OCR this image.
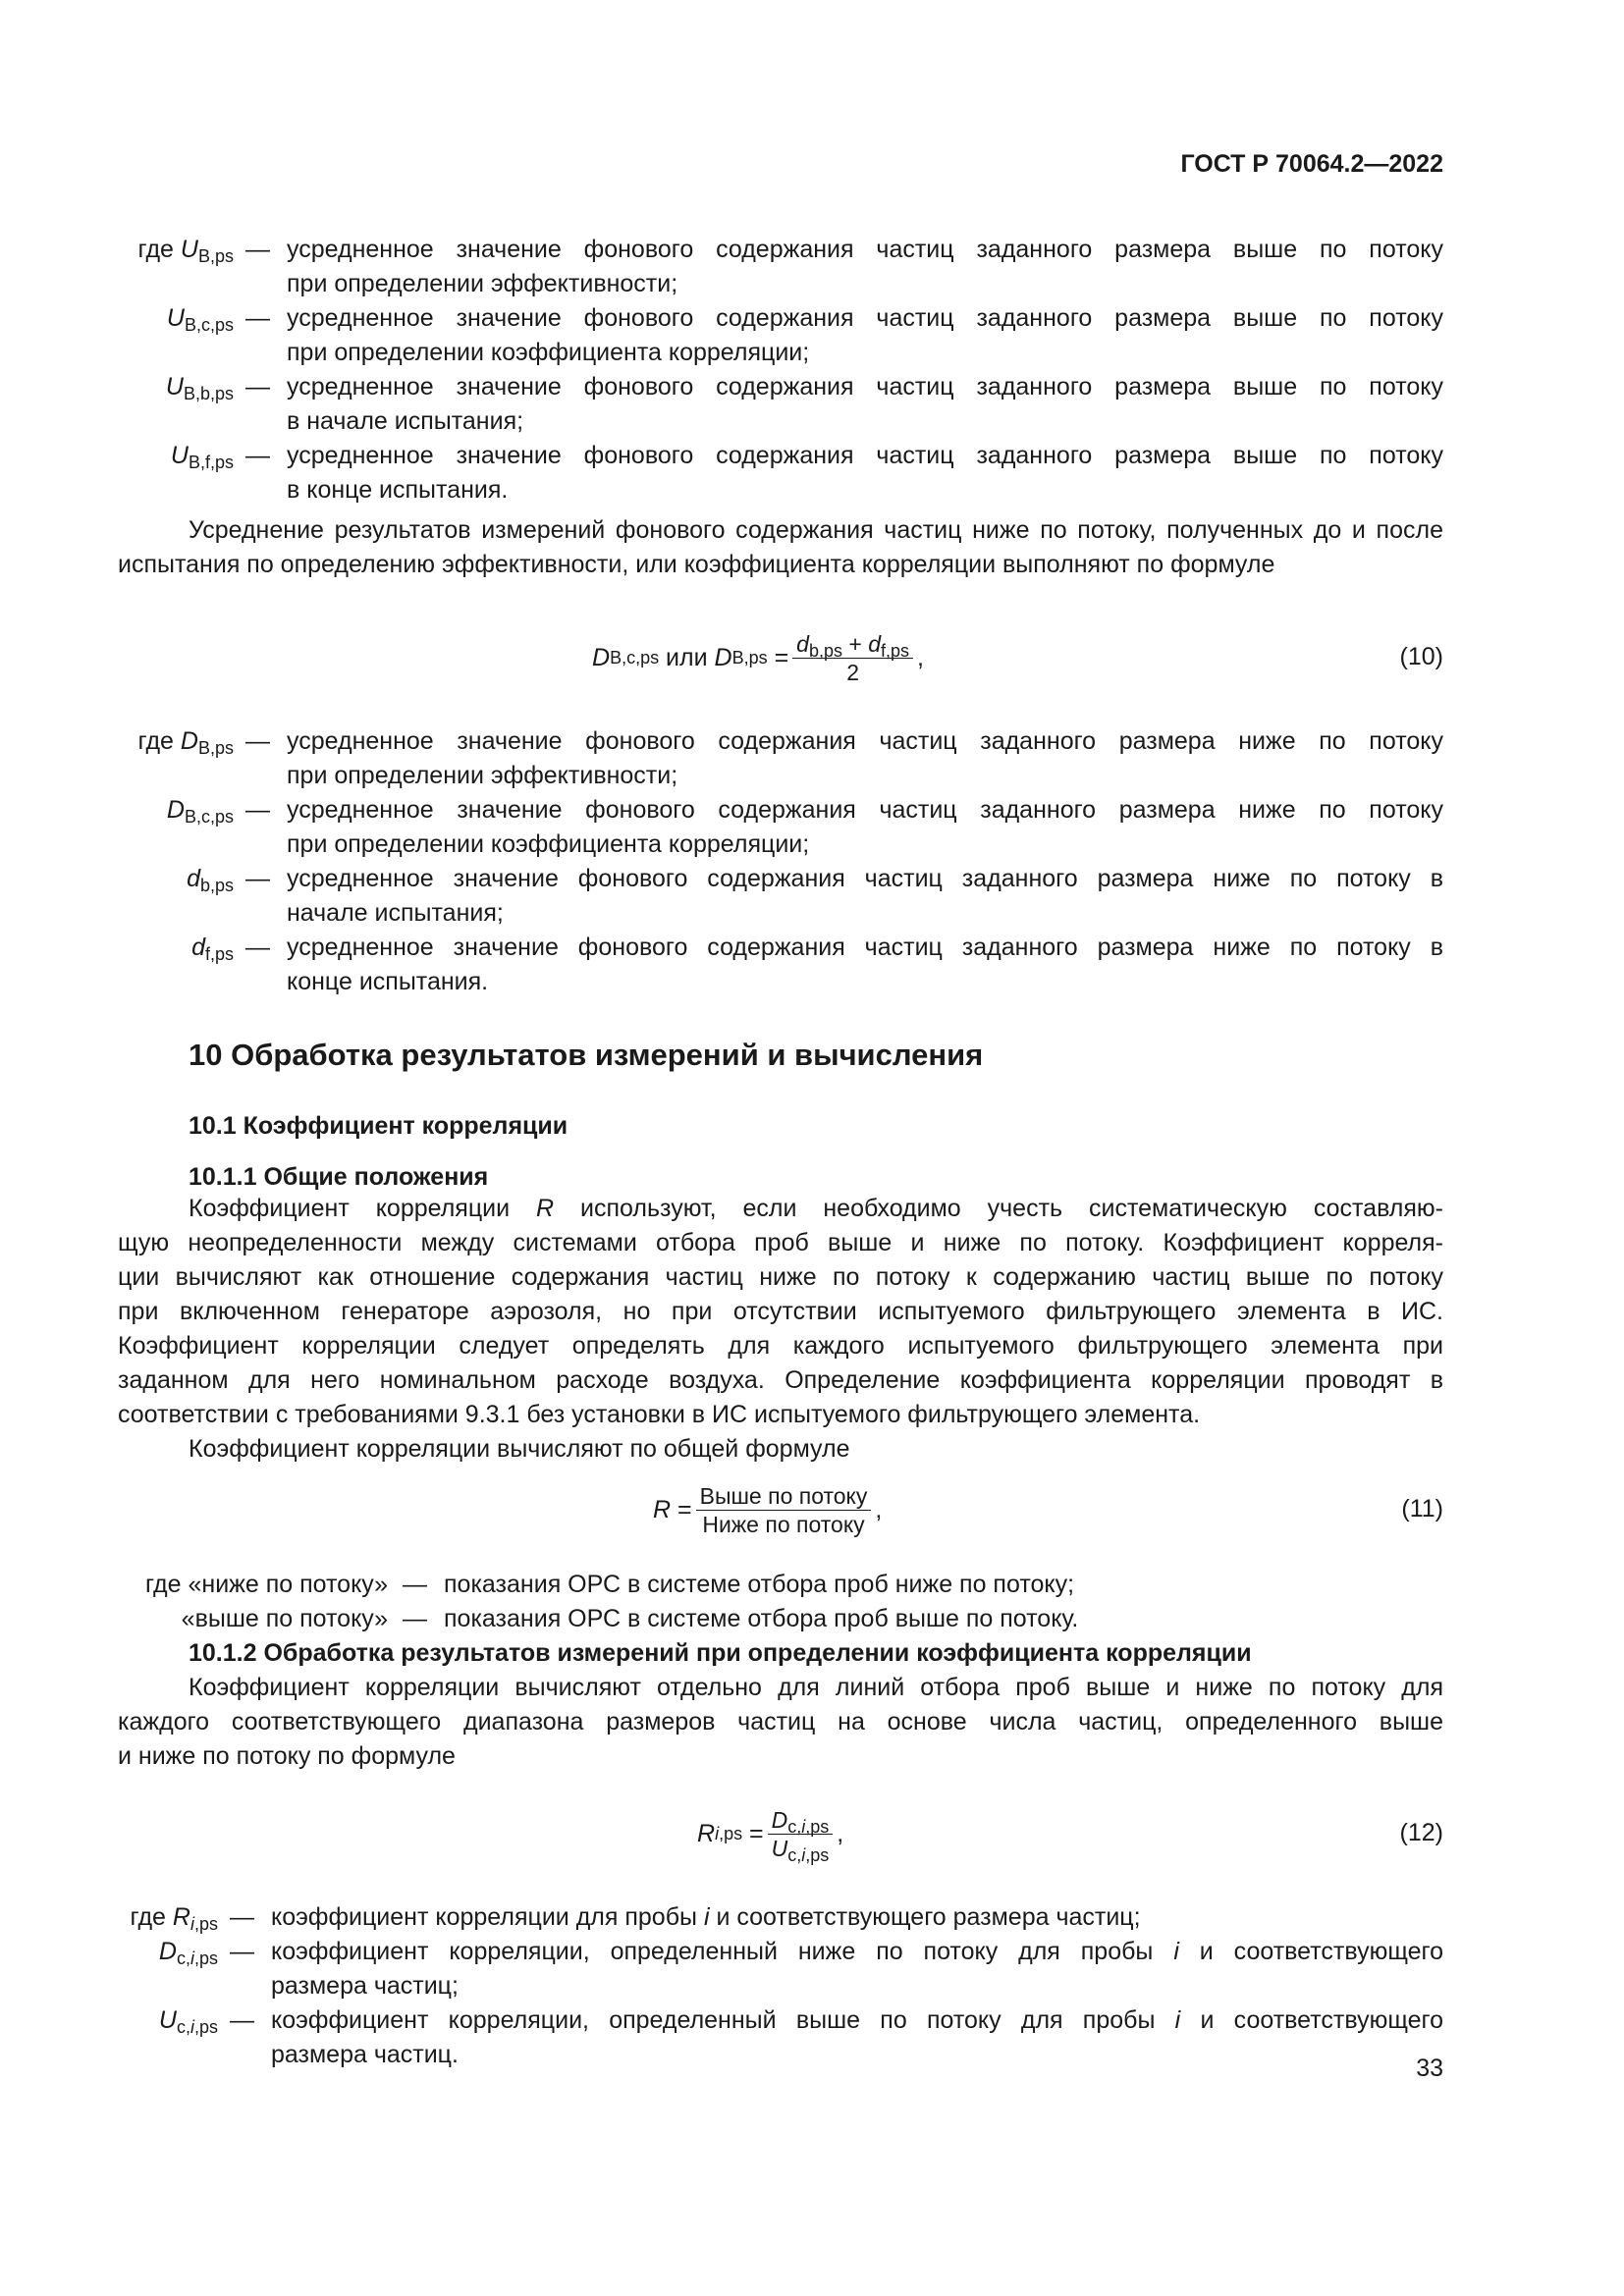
ГОСТ Р 70064.2—2022
где $U_{B,ps}$ — усредненное значение фонового содержания частиц заданного размера выше по потоку
при определении эффективности;
$U_{B,c,ps}$ — усредненное значение фонового содержания частиц заданного размера выше по потоку
при определении коэффициента корреляции;
$U_{B,b,ps}$ — усредненное значение фонового содержания частиц заданного размера выше по потоку
в начале испытания;
$U_{B,f,ps}$ — усредненное значение фонового содержания частиц заданного размера выше по потоку
в конце испытания.
Усреднение результатов измерений фонового содержания частиц ниже по потоку, полученных до и после испытания по определению эффективности, или коэффициента корреляции выполняют по формуле
D B,c,ps
или
D $B,ps = \frac{d_{b,ps} + d_{f,ps}}{2}$ ,	(10)
где $D_{B,ps}$ — усредненное значение фонового содержания частиц заданного размера ниже по потоку
при определении эффективности;
$D_{B,c,ps}$ — усредненное значение фонового содержания частиц заданного размера ниже по потоку
при определении коэффициента корреляции;
$d_{b,ps}$ — усредненное значение фонового содержания частиц заданного размера ниже по потоку в
начале испытания;
$d_{f,ps}$ — усредненное значение фонового содержания частиц заданного размера ниже по потоку в
конце испытания.
10 Обработка результатов измерений и вычисления
10.1 Коэффициент корреляции
10.1.1 Общие положения
Коэффициент корреляции R используют, если необходимо учесть систематическую составляю-
щую неопределенности между системами отбора проб выше и ниже по потоку. Коэффициент корреля-
ции вычисляют как отношение содержания частиц ниже по потоку к содержанию частиц выше по потоку
при включенном генераторе аэрозоля, но при отсутствии испытуемого фильтрующего элемента в ИС.
Коэффициент корреляции следует определять для каждого испытуемого фильтрующего элемента при
заданном для него номинальном расходе воздуха. Определение коэффициента корреляции проводят в
соответствии с требованиями 9.3.1 без установки в ИС испытуемого фильтрующего элемента.
Коэффициент корреляции вычисляют по общей формуле
$R = \frac{\text{Выше по потоку}}{\text{Ниже по потоку}}$ ,	(11)
где «ниже по потоку» — показания ОРС в системе отбора проб ниже по потоку;
«выше по потоку» — показания ОРС в системе отбора проб выше по потоку.
10.1.2 Обработка результатов измерений при определении коэффициента корреляции
Коэффициент корреляции вычисляют отдельно для линий отбора проб выше и ниже по потоку для
каждого соответствующего диапазона размеров частиц на основе числа частиц, определенного выше
и ниже по потоку по формуле
R $i,ps = \frac{D_{c,i,ps}}{U_{c,i,ps}}$ ,	(12)
где $R_{i,ps}$ — коэффициент корреляции для пробы i и соответствующего размера частиц;
$D_{c,i,ps}$ — коэффициент корреляции, определенный ниже по потоку для пробы i и соответствующего
размера частиц;
$U_{c,i,ps}$ — коэффициент корреляции, определенный выше по потоку для пробы i и соответствующего
размера частиц.	33
